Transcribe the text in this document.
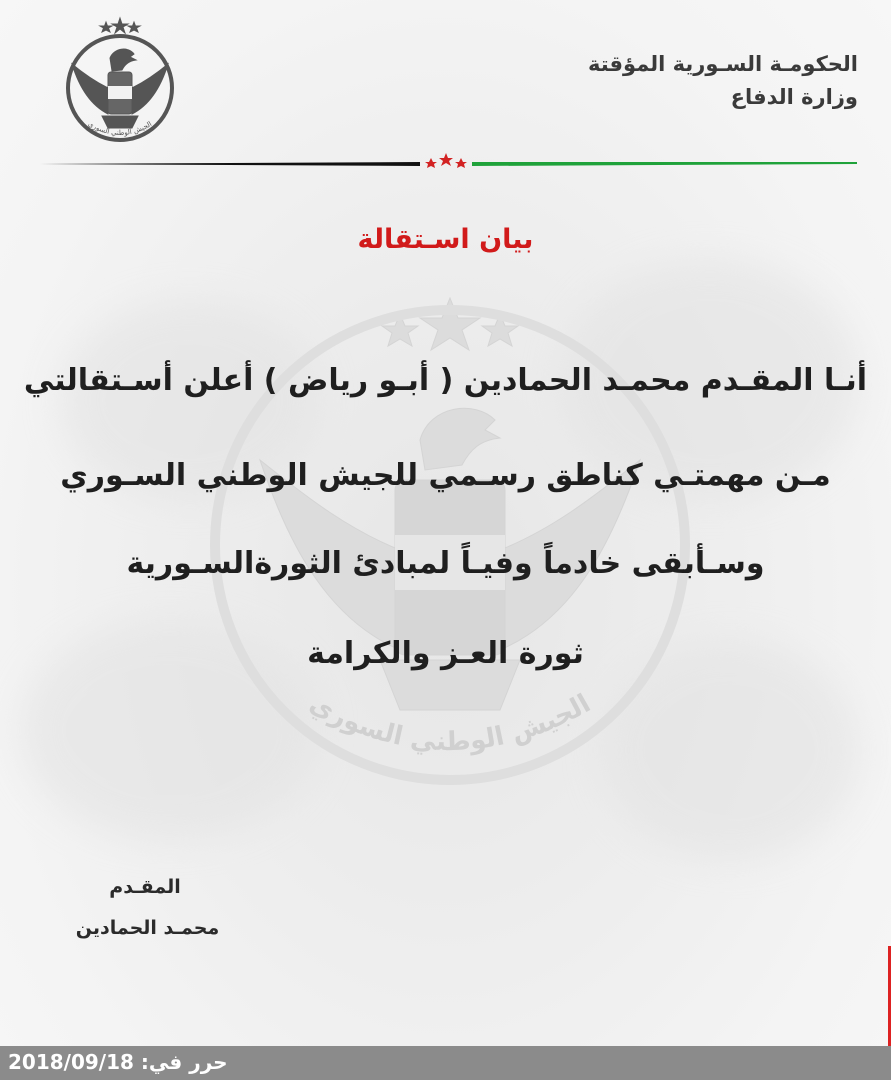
الجيش الوطني السوري
الجيش الوطني السوري
الحكومـة السـورية المؤقتة
وزارة الدفاع
بيان اسـتقالة
أنـا المقـدم محمـد الحمادين ( أبـو رياض ) أعلن أسـتقالتي
مـن مهمتـي كناطق رسـمي للجيش الوطني السـوري
وسـأبقى خادماً وفيـاً لمبادئ الثورةالسـورية
ثورة العـز والكرامة
المقـدم
محمـد الحمادين
حرر في: 2018/09/18
